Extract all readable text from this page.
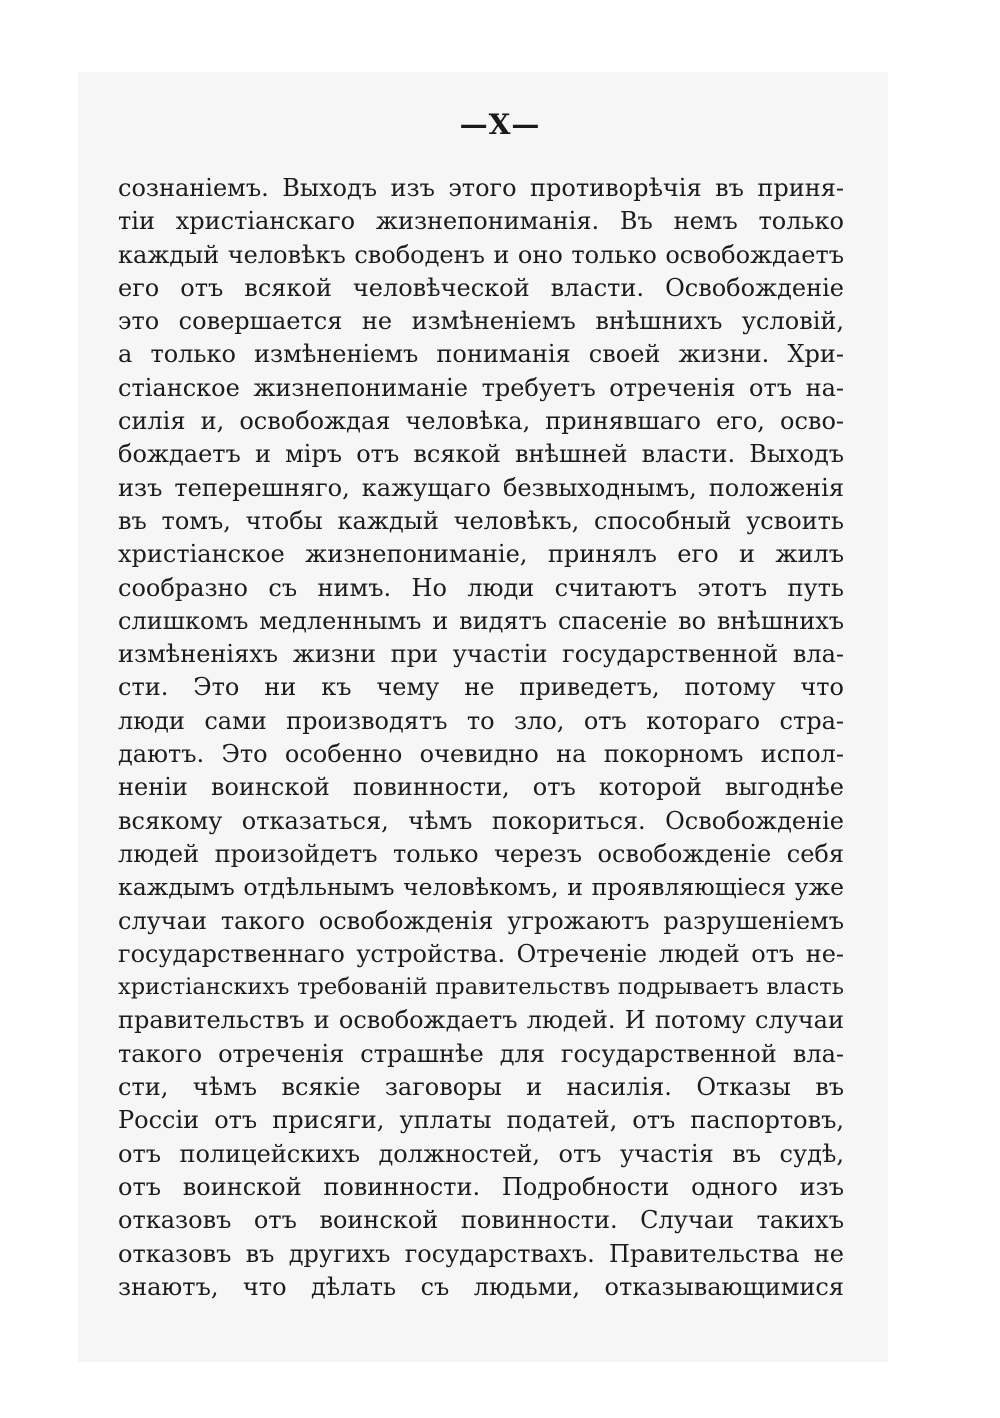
—X—
сознаніемъ. Выходъ изъ этого противорѣчія въ приня-
тіи христіанскаго жизнепониманія. Въ немъ только
каждый человѣкъ свободенъ и оно только освобождаетъ
его отъ всякой человѣческой власти. Освобожденіе
это совершается не измѣненіемъ внѣшнихъ условій,
а только измѣненіемъ пониманія своей жизни. Хри-
стіанское жизнепониманіе требуетъ отреченія отъ на-
силія и, освобождая человѣка, принявшаго его, осво-
бождаетъ и міръ отъ всякой внѣшней власти. Выходъ
изъ теперешняго, кажущаго безвыходнымъ, положенія
въ томъ, чтобы каждый человѣкъ, способный усвоить
христіанское жизнепониманіе, принялъ его и жилъ
сообразно съ нимъ. Но люди считаютъ этотъ путь
слишкомъ медленнымъ и видятъ спасеніе во внѣшнихъ
измѣненіяхъ жизни при участіи государственной вла-
сти. Это ни къ чему не приведетъ, потому что
люди сами производятъ то зло, отъ котораго стра-
даютъ. Это особенно очевидно на покорномъ испол-
неніи воинской повинности, отъ которой выгоднѣе
всякому отказаться, чѣмъ покориться. Освобожденіе
людей произойдетъ только черезъ освобожденіе себя
каждымъ отдѣльнымъ человѣкомъ, и проявляющіеся уже
случаи такого освобожденія угрожаютъ разрушеніемъ
государственнаго устройства. Отреченіе людей отъ не-
христіанскихъ требованій правительствъ подрываетъ власть
правительствъ и освобождаетъ людей. И потому случаи
такого отреченія страшнѣе для государственной вла-
сти, чѣмъ всякіе заговоры и насилія. Отказы въ
Россіи отъ присяги, уплаты податей, отъ паспортовъ,
отъ полицейскихъ должностей, отъ участія въ судѣ,
отъ воинской повинности. Подробности одного изъ
отказовъ отъ воинской повинности. Случаи такихъ
отказовъ въ другихъ государствахъ. Правительства не
знаютъ, что дѣлать съ людьми, отказывающимися
